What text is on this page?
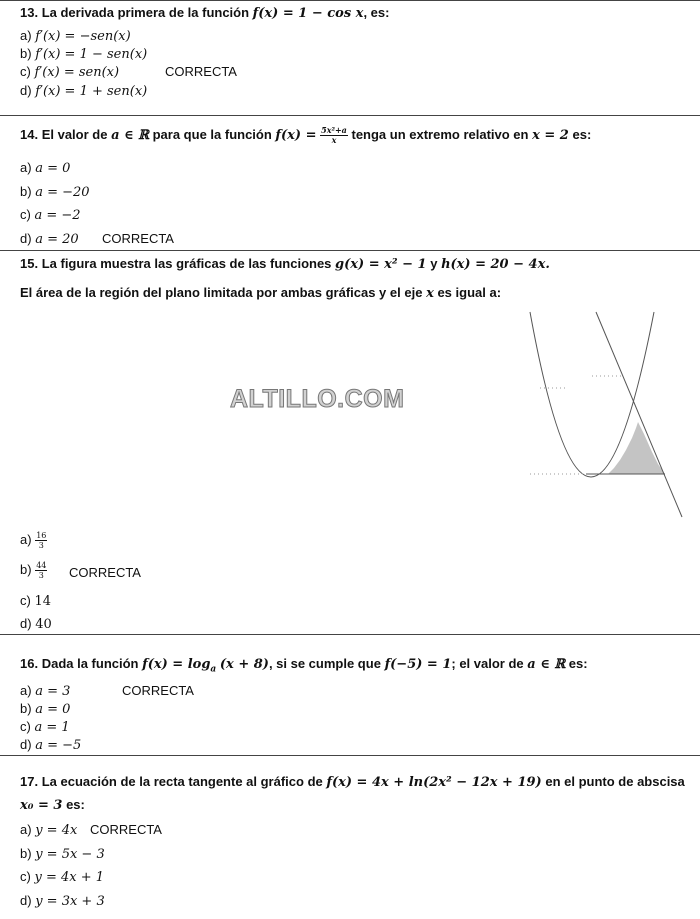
13. La derivada primera de la función f(x) = 1 − cos x, es:
a) f′(x) = −sen(x)
b) f′(x) = 1 − sen(x)
c) f′(x) = sen(x)	CORRECTA
d) f′(x) = 1 + sen(x)
14. El valor de a ∈ ℝ para que la función $f(x) = \frac{\text{5x²+a}}{x}$ tenga un extremo relativo en x = 2 es:
a) a = 0
b) a = −20
c) a = −2
d) a = 20 CORRECTA
15. La figura muestra las gráficas de las funciones g(x) = x² − 1 y h(x) = 20 − 4x.
El área de la región del plano limitada por ambas gráficas y el eje x es igual a:
ALTILLO.COM
$a) \frac{16}{3}$
$b) \frac{44}{3}$ CORRECTA
c) 14
d) 40
16. Dada la función $f(x) = \log_a (x + 8)$, si se cumple que f(−5) = 1; el valor de a ∈ ℝ es:
a) a = 3	CORRECTA
b) a = 0
c) a = 1
d) a = −5
17. La ecuación de la recta tangente al gráfico de f(x) = 4x + ln(2x² − 12x + 19) en el punto de abscisa
x₀ = 3 es:
a) y = 4x CORRECTA
b) y = 5x − 3
c) y = 4x + 1
d) y = 3x + 3
